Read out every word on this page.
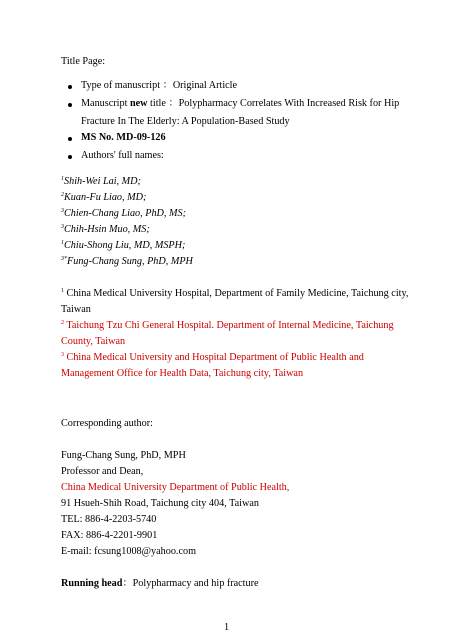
Title Page:
Type of manuscript ：Original Article
Manuscript new title ：Polypharmacy Correlates With Increased Risk for Hip
Fracture In The Elderly: A Population-Based Study
MS No. MD-09-126
Authors' full names:
$^1$Shih-Wei Lai, MD;
$^2$Kuan-Fu Liao, MD;
$^3$Chien-Chang Liao, PhD, MS;
$^3$Chih-Hsin Muo, MS;
$^1$Chiu-Shong Liu, MD, MSPH;
$^{3*}$Fung-Chang Sung, PhD, MPH
$^1$ China Medical University Hospital, Department of Family Medicine, Taichung city,
Taiwan
$^2$ Taichung Tzu Chi General Hospital. Department of Internal Medicine, Taichung
County, Taiwan
$^3$ China Medical University and Hospital Department of Public Health and
Management Office for Health Data, Taichung city, Taiwan
Corresponding author:
Fung-Chang Sung, PhD, MPH
Professor and Dean,
China Medical University Department of Public Health,
91 Hsueh-Shih Road, Taichung city 404, Taiwan
TEL: 886-4-2203-5740
FAX: 886-4-2201-9901
E-mail: fcsung1008@yahoo.com
Running head：Polypharmacy and hip fracture
1
